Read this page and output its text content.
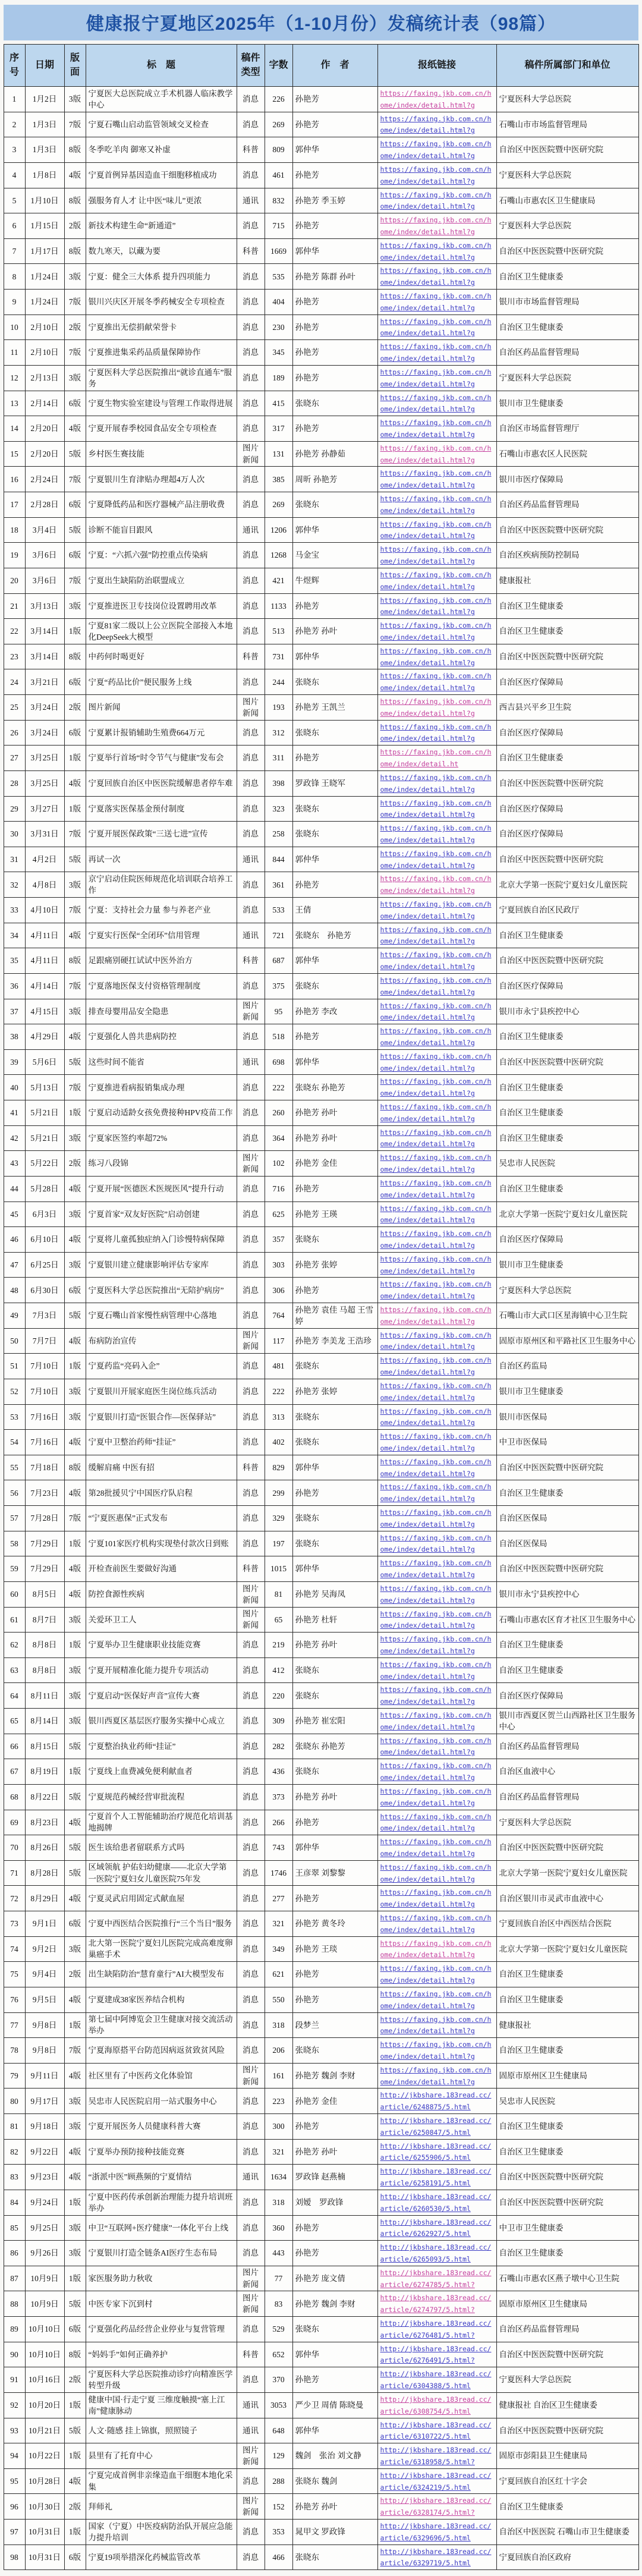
健康报宁夏地区2025年（1-10月份）发稿统计表（98篇）
序号	日期	版面	标　题	稿件类型	字数	作　者	报纸链接	稿件所属部门和单位
1	1月2日	3版	宁夏医大总医院成立手术机器人临床教学中心	消息	226	孙艳芳	https://faxing.jkb.com.cn/home/index/detail.html?g	宁夏医科大学总医院
2	1月3日	7版	宁夏石嘴山启动监管领域交叉检查	消息	269	孙艳芳	https://faxing.jkb.com.cn/home/index/detail.html?g	石嘴山市市场监督管理局
3	1月3日	8版	冬季吃羊肉 御寒又补虚	科普	809	郭仲华	https://faxing.jkb.com.cn/home/index/detail.html?g	自治区中医医院暨中医研究院
4	1月8日	4版	宁夏首例异基因造血干细胞移植成功	消息	461	孙艳芳	https://faxing.jkb.com.cn/home/index/detail.html?g	宁夏医科大学总医院
5	1月10日	8版	强服务育人才 让中医“味儿”更浓	通讯	832	孙艳芳 季玉婷	https://faxing.jkb.com.cn/home/index/detail.html?g	石嘴山市惠农区卫生健康局
6	1月15日	2版	新技术构建生命“新通道”	消息	715	孙艳芳	https://faxing.jkb.com.cn/home/index/detail.html?g	宁夏医科大学总医院
7	1月17日	8版	数九寒天，以藏为要	科普	1669	郭仲华	https://faxing.jkb.com.cn/home/index/detail.html?g	自治区中医医院暨中医研究院
8	1月24日	3版	宁夏：健全三大体系 提升四项能力	消息	535	孙艳芳 陈群 孙叶	https://faxing.jkb.com.cn/home/index/detail.html?g	自治区卫生健康委
9	1月24日	7版	银川兴庆区开展冬季药械安全专项检查	消息	404	孙艳芳	https://faxing.jkb.com.cn/home/index/detail.html?g	银川市市场监督管理局
10	2月10日	2版	宁夏推出无偿捐献荣誉卡	消息	230	孙艳芳	https://faxing.jkb.com.cn/home/index/detail.html?g	自治区卫生健康委
11	2月10日	7版	宁夏推进集采药品质量保障协作	消息	345	孙艳芳	https://faxing.jkb.com.cn/home/index/detail.html?g	自治区药品监督管理局
12	2月13日	3版	宁夏医科大学总医院推出“就诊直通车”服务	消息	189	孙艳芳	https://faxing.jkb.com.cn/home/index/detail.html?g	宁夏医科大学总医院
13	2月14日	6版	宁夏生物实验室建设与管理工作取得进展	消息	415	张晓东	https://faxing.jkb.com.cn/home/index/detail.html?g	银川市卫生健康委
14	2月20日	4版	宁夏开展春季校园食品安全专项检查	消息	317	孙艳芳	https://faxing.jkb.com.cn/home/index/detail.html?g	自治区市场监督管理厅
15	2月20日	5版	乡村医生赛技能	图片新闻	131	孙艳芳 孙静茹	https://faxing.jkb.com.cn/home/index/detail.html?g	石嘴山市惠农区人民医院
16	2月24日	7版	宁夏银川生育津贴办理超4万人次	消息	385	周昕 孙艳芳	https://faxing.jkb.com.cn/home/index/detail.html?g	银川市医疗保障局
17	2月28日	6版	宁夏降低药品和医疗器械产品注册收费	消息	269	张晓东	https://faxing.jkb.com.cn/home/index/detail.html?g	自治区药品监督管理局
18	3月4日	5版	诊断不能盲目跟风	通讯	1206	郭仲华	https://faxing.jkb.com.cn/home/index/detail.html?g	自治区中医医院暨中医研究院
19	3月6日	6版	宁夏：“六抓六强”防控重点传染病	消息	1268	马金宝	https://faxing.jkb.com.cn/home/index/detail.html?g	自治区疾病预防控制局
20	3月6日	7版	宁夏出生缺陷防治联盟成立	消息	421	牛煜辉	https://faxing.jkb.com.cn/home/index/detail.html?g	健康报社
21	3月13日	3版	宁夏推进医卫专技岗位设置聘用改革	消息	1133	孙艳芳	https://faxing.jkb.com.cn/home/index/detail.html?g	自治区卫生健康委
22	3月14日	1版	宁夏81家二级以上公立医院全部接入本地化DeepSeek大模型	消息	513	孙艳芳 孙叶	https://faxing.jkb.com.cn/home/index/detail.html?g	自治区卫生健康委
23	3月14日	8版	中药何时喝更好	科普	731	郭仲华	https://faxing.jkb.com.cn/home/index/detail.html?g	自治区中医医院暨中医研究院
24	3月21日	6版	宁夏“药品比价”便民服务上线	消息	244	张晓东	https://faxing.jkb.com.cn/home/index/detail.html?g	自治区医疗保障局
25	3月24日	2版	图片新闻	图片新闻	193	孙艳芳 王凯兰	https://faxing.jkb.com.cn/home/index/detail.html?g	西吉县兴平乡卫生院
26	3月24日	6版	宁夏累计报销辅助生殖费664万元	消息	312	张晓东	https://faxing.jkb.com.cn/home/index/detail.html?g	自治区医疗保障局
27	3月25日	1版	宁夏举行首场“时令节气与健康”发布会	消息	311	孙艳芳	https://faxing.jkb.com.cn/home/index/detail.ht	自治区卫生健康委
28	3月25日	4版	宁夏回族自治区中医医院缓解患者停车难	消息	398	罗政锋 王晓军	https://faxing.jkb.com.cn/home/index/detail.html?g	自治区中医医院暨中医研究院
29	3月27日	1版	宁夏落实医保基金预付制度	消息	323	张晓东	https://faxing.jkb.com.cn/home/index/detail.html?g	自治区医疗保障局
30	3月31日	7版	宁夏开展医保政策“三送七进”宣传	消息	258	张晓东	https://faxing.jkb.com.cn/home/index/detail.html?g	自治区医疗保障局
31	4月2日	5版	再试一次	通讯	844	郭仲华	https://faxing.jkb.com.cn/home/index/detail.html?g	自治区中医医院暨中医研究院
32	4月8日	3版	京宁启动住院医师规范化培训联合培养工作	消息	361	孙艳芳	https://faxing.jkb.com.cn/home/index/detail.html?g	北京大学第一医院宁夏妇女儿童医院
33	4月10日	7版	宁夏：支持社会力量 参与养老产业	消息	533	王倩	https://faxing.jkb.com.cn/home/index/detail.html?g	宁夏回族自治区民政厅
34	4月11日	4版	宁夏实行医保“全闭环”信用管理	通讯	721	张晓东　孙艳芳	https://faxing.jkb.com.cn/home/index/detail.html?g	自治区卫生健康委
35	4月11日	8版	足跟痛别硬扛试试中医外治方	科普	687	郭仲华	https://faxing.jkb.com.cn/home/index/detail.html?g	自治区中医医院暨中医研究院
36	4月14日	7版	宁夏落地医保支付资格管理制度	消息	375	张晓东	https://faxing.jkb.com.cn/home/index/detail.html?g	自治区医疗保障局
37	4月15日	3版	排查母婴用品安全隐患	图片新闻	95	孙艳芳 李改	https://faxing.jkb.com.cn/home/index/detail.html?g	银川市永宁县疾控中心
38	4月29日	4版	宁夏强化人兽共患病防控	消息	518	孙艳芳	https://faxing.jkb.com.cn/home/index/detail.html?g	自治区卫生健康委
39	5月6日	5版	这些时间不能省	通讯	698	郭仲华	https://faxing.jkb.com.cn/home/index/detail.html?g	自治区中医医院暨中医研究院
40	5月13日	7版	宁夏推进看病报销集成办理	消息	222	张晓东 孙艳芳	https://faxing.jkb.com.cn/home/index/detail.html?g	自治区卫生健康委
41	5月21日	1版	宁夏启动适龄女孩免费接种HPV疫苗工作	消息	260	孙艳芳 孙叶	https://faxing.jkb.com.cn/home/index/detail.html?g	自治区卫生健康委
42	5月21日	3版	宁夏家医签约率超72%	消息	364	孙艳芳 孙叶	https://faxing.jkb.com.cn/home/index/detail.html?g	自治区卫生健康委
43	5月22日	2版	练习八段锦	图片新闻	102	孙艳芳 金佳	https://faxing.jkb.com.cn/home/index/detail.html?g	吴忠市人民医院
44	5月28日	4版	宁夏开展“医德医术医规医风”提升行动	消息	716	孙艳芳	https://faxing.jkb.com.cn/home/index/detail.html?g	自治区卫生健康委
45	6月3日	3版	宁夏首家“双友好医院”启动创建	消息	625	孙艳芳 王瑛	https://faxing.jkb.com.cn/home/index/detail.html?g	北京大学第一医院宁夏妇女儿童医院
46	6月10日	4版	宁夏将儿童孤独症纳入门诊慢特病保障	消息	357	张晓东	https://faxing.jkb.com.cn/home/index/detail.html?g	自治区医疗保障局
47	6月25日	3版	宁夏银川建立健康影响评估专家库	消息	303	孙艳芳 张婷	https://faxing.jkb.com.cn/home/index/detail.html?g	银川市卫生健康委
48	6月30日	6版	宁夏医科大学总医院推出“无陪护病房”	消息	306	孙艳芳	https://faxing.jkb.com.cn/home/index/detail.html?g	宁夏医科大学总医院
49	7月3日	5版	宁夏石嘴山首家慢性病管理中心落地	消息	764	孙艳芳 袁佳 马超 王雪婷	https://faxing.jkb.com.cn/home/index/detail.html?g	石嘴山市大武口区星海镇中心卫生院
50	7月7日	4版	布病防治宣传	图片新闻	117	孙艳芳 李美龙 王浩珍	https://faxing.jkb.com.cn/home/index/detail.html?g	固原市原州区和平路社区卫生服务中心
51	7月10日	1版	宁夏药监“亮码入企”	消息	481	张晓东	https://faxing.jkb.com.cn/home/index/detail.html?g	自治区药监局
52	7月10日	3版	宁夏银川开展家庭医生岗位练兵活动	消息	222	孙艳芳 张婷	https://faxing.jkb.com.cn/home/index/detail.html?g	银川市卫生健康委
53	7月16日	3版	宁夏银川打造“医银合作—医保驿站”	消息	313	张晓东	https://faxing.jkb.com.cn/home/index/detail.html?g	银川市医保局
54	7月16日	4版	宁夏中卫整治药师“挂证”	消息	402	张晓东	https://faxing.jkb.com.cn/home/index/detail.html?g	中卫市医保局
55	7月18日	8版	缓解肩痛 中医有招	科普	829	郭仲华	https://faxing.jkb.com.cn/home/index/detail.html?g	自治区中医医院暨中医研究院
56	7月23日	4版	第28批援贝宁中国医疗队启程	消息	299	孙艳芳	https://faxing.jkb.com.cn/home/index/detail.html?g	自治区卫生健康委
57	7月28日	7版	“宁夏医惠保”正式发布	消息	329	张晓东	https://faxing.jkb.com.cn/home/index/detail.html?g	自治区医保局
58	7月29日	1版	宁夏101家医疗机构实现垫付款次日到账	消息	197	张晓东	https://faxing.jkb.com.cn/home/index/detail.html?g	自治区医保局
59	7月29日	4版	开检查前医生要做好沟通	科普	1015	郭仲华	https://faxing.jkb.com.cn/home/index/detail.html?g	自治区中医医院暨中医研究院
60	8月5日	4版	防控食源性疾病	图片新闻	81	孙艳芳 吴海凤	https://faxing.jkb.com.cn/home/index/detail.html?g	银川市永宁县疾控中心
61	8月7日	3版	关爱环卫工人	图片新闻	65	孙艳芳 杜轩	https://faxing.jkb.com.cn/home/index/detail.html?g	石嘴山市惠农区育才社区卫生服务中心
62	8月8日	1版	宁夏举办卫生健康职业技能竞赛	消息	219	孙艳芳 孙叶	https://faxing.jkb.com.cn/home/index/detail.html?g	自治区卫生健康委
63	8月8日	3版	宁夏开展精准化能力提升专项活动	消息	412	张晓东	https://faxing.jkb.com.cn/home/index/detail.html?g	自治区卫生健康委
64	8月11日	3版	宁夏启动“医保好声音”宣传大赛	消息	220	张晓东	https://faxing.jkb.com.cn/home/index/detail.html?g	自治区医疗保障局
65	8月14日	3版	银川西夏区基层医疗服务实操中心成立	消息	309	孙艳芳 崔宏阳	https://faxing.jkb.com.cn/home/index/detail.html?g	银川市西夏区贺兰山西路社区卫生服务中心
66	8月15日	5版	宁夏整治执业药师“挂证”	消息	282	张晓东 孙艳芳	https://faxing.jkb.com.cn/home/index/detail.html?g	自治区药品监督管理局
67	8月19日	1版	宁夏线上血费减免便利献血者	消息	436	张晓东	https://faxing.jkb.com.cn/home/index/detail.html?g	自治区血液中心
68	8月22日	5版	宁夏规范药械经营审批流程	消息	373	孙艳芳 孙叶	https://faxing.jkb.com.cn/home/index/detail.html?g	自治区药品监督管理局
69	8月23日	4版	宁夏首个人工智能辅助治疗规范化培训基地揭牌	消息	266	孙艳芳	https://faxing.jkb.com.cn/home/index/detail.html?g	宁夏医科大学总医院
70	8月26日	5版	医生该给患者留联系方式吗	消息	743	郭仲华	https://faxing.jkb.com.cn/home/index/detail.html?g	自治区中医医院暨中医研究院
71	8月28日	5版	区域领航 护佑妇幼健康——北京大学第一医院宁夏妇女儿童医院75年发	消息	1746	王彦翠 刘黎黎	https://faxing.jkb.com.cn/home/index/detail.html?g	北京大学第一医院宁夏妇女儿童医院
72	8月29日	4版	宁夏灵武启用固定式献血屋	消息	277	孙艳芳	https://faxing.jkb.com.cn/home/index/detail.html?g	自治区银川市灵武市血液中心
73	9月1日	6版	宁夏中西医结合医院推行“三个当日”服务	消息	321	孙艳芳 黄冬玲	https://faxing.jkb.com.cn/home/index/detail.html?g	宁夏回族自治区中西医结合医院
74	9月2日	3版	北大第一医院宁夏妇儿医院完成高难度卵巢癌手术	消息	349	孙艳芳 王琰	https://faxing.jkb.com.cn/home/index/detail.html?g	北京大学第一医院宁夏妇女儿童医院
75	9月4日	2版	出生缺陷防治“慧育童行”AI大模型发布	消息	621	孙艳芳	https://faxing.jkb.com.cn/home/index/detail.html?g	自治区卫生健康委
76	9月5日	4版	宁夏建成38家医养结合机构	消息	550	孙艳芳	https://faxing.jkb.com.cn/home/index/detail.html?g	自治区卫生健康委
77	9月8日	1版	第七届中阿博览会卫生健康对接交流活动举办	消息	318	段梦兰	https://faxing.jkb.com.cn/home/index/detail.html?g	健康报社
78	9月8日	7版	宁夏海原搭平台防范因病返贫致贫风险	消息	206	张晓东	https://faxing.jkb.com.cn/home/index/detail.html?g	自治区卫生健康委
79	9月11日	4版	社区里有了中医药文化体验馆	图片新闻	161	孙艳芳 魏剑 李财	https://faxing.jkb.com.cn/home/index/detail.html?g	固原市原州区卫生健康局
80	9月17日	3版	吴忠市人民医院启用一站式服务中心	消息	223	孙艳芳 金佳	http://jkbshare.183read.cc/article/6248875/5.html	吴忠市人民医院
81	9月18日	3版	宁夏开展医务人员健康科普大赛	消息	300	孙艳芳	http://jkbshare.183read.cc/article/6250847/5.html	自治区卫生健康委
82	9月22日	4版	宁夏举办预防接种技能竞赛	消息	321	孙艳芳 孙叶	http://jkbshare.183read.cc/article/6255906/5.html	自治区卫生健康委
83	9月23日	4版	“浙派中医”顾燕频的宁夏情结	通讯	1634	罗政锋 赵燕楠	http://jkbshare.183read.cc/article/6258191/5.html	自治区中医医院暨中医研究院
84	9月24日	1版	宁夏中医药传承创新治理能力提升培训班举办	消息	318	刘嫒　罗政锋	http://jkbshare.183read.cc/article/6260530/5.html	自治区中医医院暨中医研究院
85	9月25日	3版	中卫“互联网+医疗健康”一体化平台上线	消息	360	孙艳芳	http://jkbshare.183read.cc/article/6262927/5.html	中卫市卫生健康委
86	9月26日	3版	宁夏银川打造全链条AI医疗生态布局	消息	443	孙艳芳	http://jkbshare.183read.cc/article/6265093/5.html	自治区卫生健康委
87	10月9日	1版	家医服务助力秋收	图片新闻	77	孙艳芳 庞文倩	http://jkbshare.183read.cc/article/6274785/5.html?	石嘴山市惠农区燕子墩中心卫生院
88	10月9日	5版	中医专家下沉到村	图片新闻	83	孙艳芳 魏剑 李财	http://jkbshare.183read.cc/article/6274797/5.html?	固原市原州区卫生健康局
89	10月10日	6版	宁夏强化药品经营企业停业与复营管理	消息	529	张晓东	http://jkbshare.183read.cc/article/6276481/5.html?	自治区药品监督管理局
90	10月10日	8版	“妈妈手”如何正确养护	科普	652	郭仲华	http://jkbshare.183read.cc/article/6276491/5.html?	自治区中医医院暨中医研究院
91	10月16日	2版	宁夏医科大学总医院推动诊疗向精准医学转型升级	消息	370	孙艳芳	http://jkbshare.183read.cc/article/6304388/5.html	宁夏医科大学总医院
92	10月20日	1版	健康中国·行走宁夏 三维度触摸“塞上江南”健康脉动	通讯	3053	严少卫 周倩 陈晓曼	http://jkbshare.183read.cc/article/6308754/5.html	健康报社 自治区卫生健康委
93	10月21日	5版	人文·随感 挂上锦旗，照照镜子	通讯	648	郭仲华	http://jkbshare.183read.cc/article/6310722/5.html	自治区中医医院暨中医研究院
94	10月22日	1版	县里有了托育中心	图片新闻	129	魏剑　张治 刘文静	http://jkbshare.183read.cc/article/6318958/5.html?	固原市彭阳县卫生健康局
95	10月28日	4版	宁夏完成首例非亲缘造血干细胞本地化采集	消息	288	张晓东 魏剑	http://jkbshare.183read.cc/article/6324219/5.html	宁夏回族自治区红十字会
96	10月30日	2版	拜师礼	图片新闻	152	孙艳芳 孙叶	http://jkbshare.183read.cc/article/6328174/5.html?	自治区卫生健康委
97	10月31日	1版	国家（宁夏）中医疫病防治队开展应急能力提升培训	消息	353	晁甲文 罗政锋	http://jkbshare.183read.cc/article/6329696/5.html	自治区中医医院 石嘴山市卫生健康委
98	10月31日	6版	宁夏19项举措深化药械监管改革	消息	466	张晓东	http://jkbshare.183read.cc/article/6329719/5.html	宁夏回族自治区政府
